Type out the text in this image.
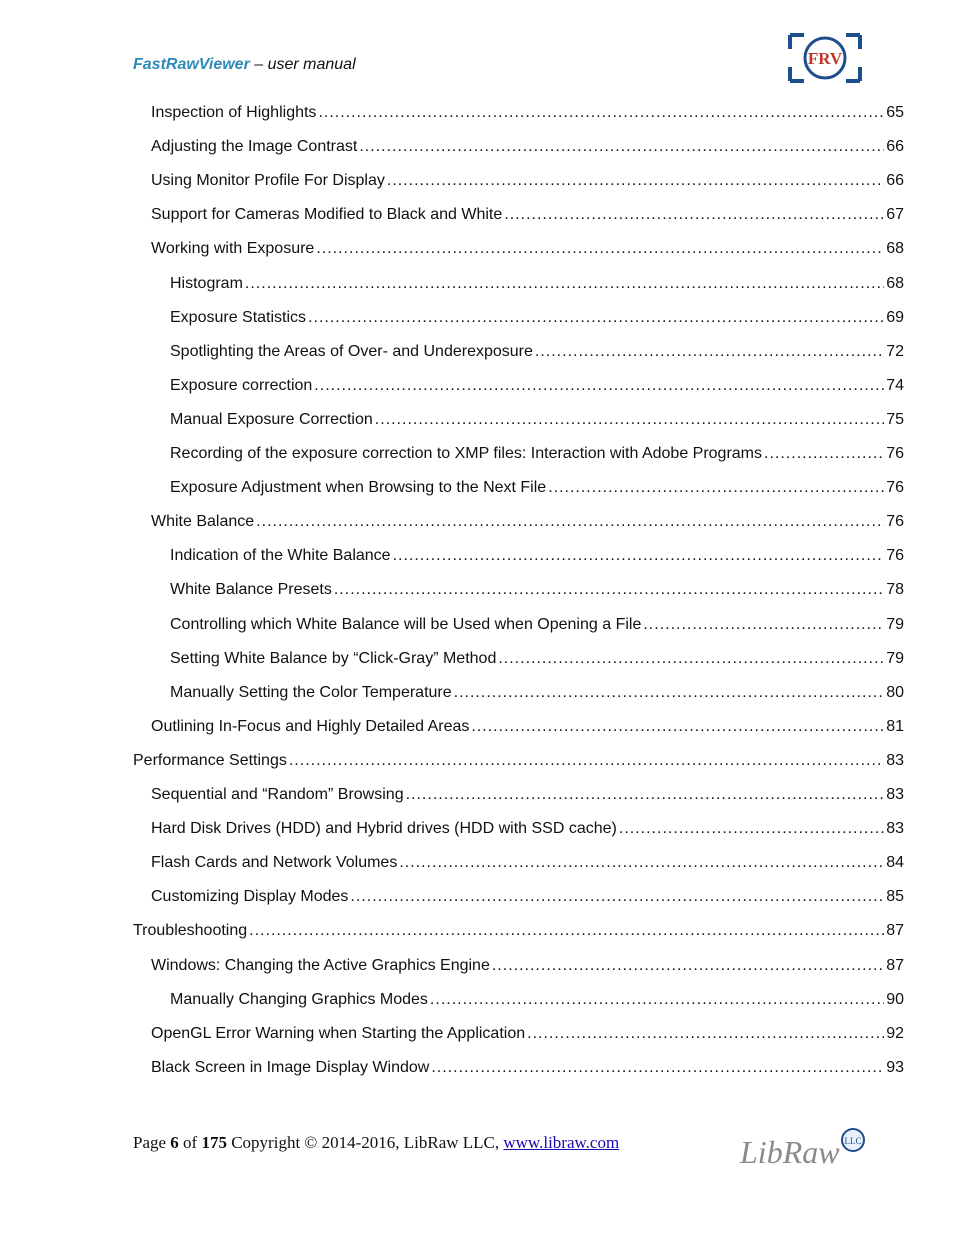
FastRawViewer – user manual	FRV
Inspection of Highlights .....	65
Adjusting the Image Contrast .....	66
Using Monitor Profile For Display .....	66
Support for Cameras Modified to Black and White .....	67
Working with Exposure .....	68
Histogram .....	68
Exposure Statistics .....	69
Spotlighting the Areas of Over- and Underexposure .....	72
Exposure correction .....	74
Manual Exposure Correction .....	75
Recording of the exposure correction to XMP files: Interaction with Adobe Programs .....	76
Exposure Adjustment when Browsing to the Next File .....	76
White Balance .....	76
Indication of the White Balance .....	76
White Balance Presets .....	78
Controlling which White Balance will be Used when Opening a File .....	79
Setting White Balance by “Click-Gray” Method .....	79
Manually Setting the Color Temperature .....	80
Outlining In-Focus and Highly Detailed Areas .....	81
Performance Settings .....	83
Sequential and “Random” Browsing .....	83
Hard Disk Drives (HDD) and Hybrid drives (HDD with SSD cache) .....	83
Flash Cards and Network Volumes .....	84
Customizing Display Modes .....	85
Troubleshooting .....	87
Windows: Changing the Active Graphics Engine .....	87
Manually Changing Graphics Modes .....	90
OpenGL Error Warning when Starting the Application .....	92
Black Screen in Image Display Window .....	93
Page 6 of 175 Copyright © 2014-2016, LibRaw LLC, www.libraw.com	LibRaw LLC
